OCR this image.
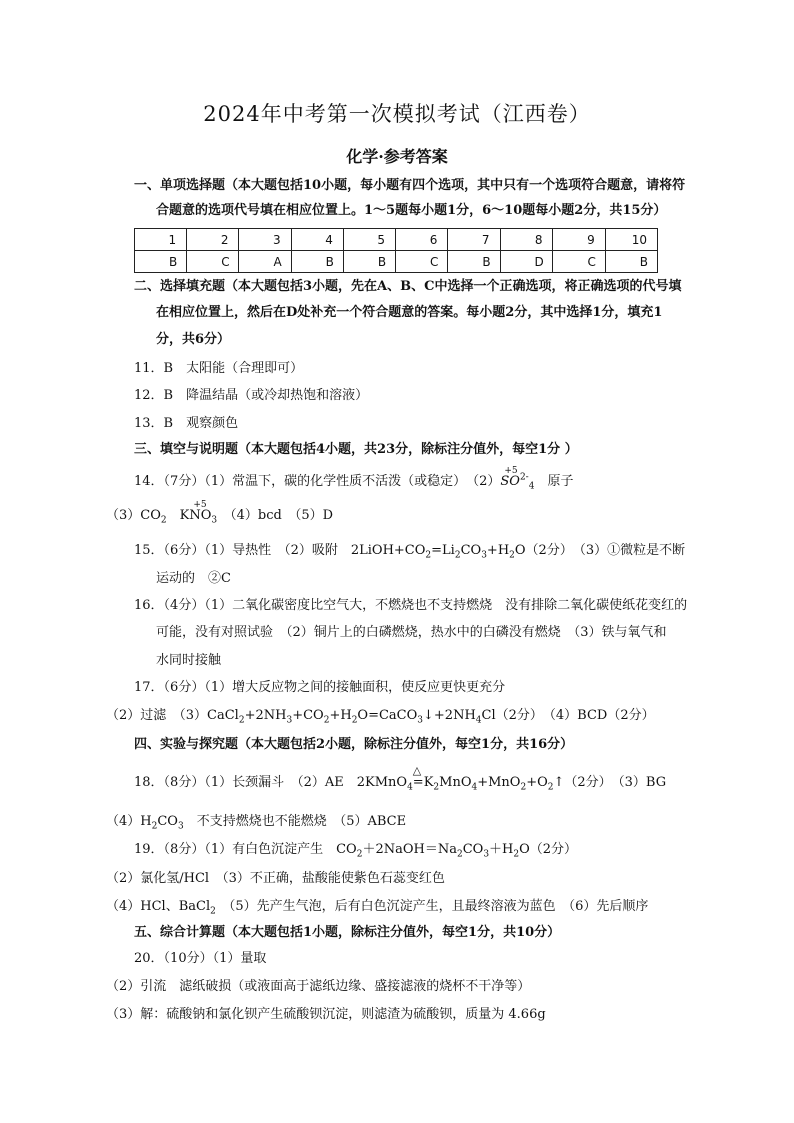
2024年中考第一次模拟考试（江西卷）
化学·参考答案
一、单项选择题（本大题包括10小题，每小题有四个选项，其中只有一个选项符合题意，请将符
合题意的选项代号填在相应位置上。1～5题每小题1分，6～10题每小题2分，共15分）
1	2	3	4	5	6	7	8	9	10
B	C	A	B	B	C	B	D	C	B
二、选择填充题（本大题包括3小题，先在A、B、C中选择一个正确选项，将正确选项的代号填
在相应位置上，然后在D处补充一个符合题意的答案。每小题2分，其中选择1分，填充1
分，共6分）
11．B　太阳能（合理即可）
12．B　降温结晶（或冷却热饱和溶液）
13．B　观察颜色
三、填空与说明题（本大题包括4小题，共23分，除标注分值外，每空1分 ）
14．（7分）（1）常温下，碳的化学性质不活泼（或稳定）　（2）
+5
$SO^{2-}_4$　 原子
$(3)CO_2$　 K
+5
$NO_3$　 （4）bcd　（5）D
15．（6分）（1）导热性　（2）吸附　$2LiOH+CO_2=Li_2CO_3+H_2O(2$分）　（3）①微粒是不断
运动的　②C
16．（4分）（1）二氧化碳密度比空气大，不燃烧也不支持燃烧　没有排除二氧化碳使纸花变红的
可能，没有对照试验　（2）铜片上的白磷燃烧，热水中的白磷没有燃烧　（3）铁与氧气和
水同时接触
17．（6分）（1）增大反应物之间的接触面积，使反应更快更充分
（2）过滤　$(3)CaCl_2+2NH_3+CO_2+H_2O=CaCO_3↓+2NH_4Cl(2$分）　（4）BCD（2分）
四、实验与探究题（本大题包括2小题，除标注分值外，每空1分，共16分）
18．（8分）（1）长颈漏斗　（2）AE　2KMnO$_4$
△
$=K_2MnO_4+MnO_2+O_2↑(2$分）　（3）BG
$(4)H_2CO_3$　不支持燃烧也不能燃烧　（5）ABCE
19．（8分）（1）有白色沉淀产生　$CO_2+2NaOH=Na_2CO_3+H_2O(2$分）
（2）氯化氢/HCl　（3）不正确，盐酸能使紫色石蕊变红色
（4）HCl、BaCl$_2$　（5）先产生气泡，后有白色沉淀产生，且最终溶液为蓝色　（6）先后顺序
五、综合计算题（本大题包括1小题，除标注分值外，每空1分，共10分）
20．（10分）（1）量取
（2）引流　滤纸破损（或液面高于滤纸边缘、盛接滤液的烧杯不干净等）
（3）解：硫酸钠和氯化钡产生硫酸钡沉淀，则滤渣为硫酸钡，质量为 4.66g
